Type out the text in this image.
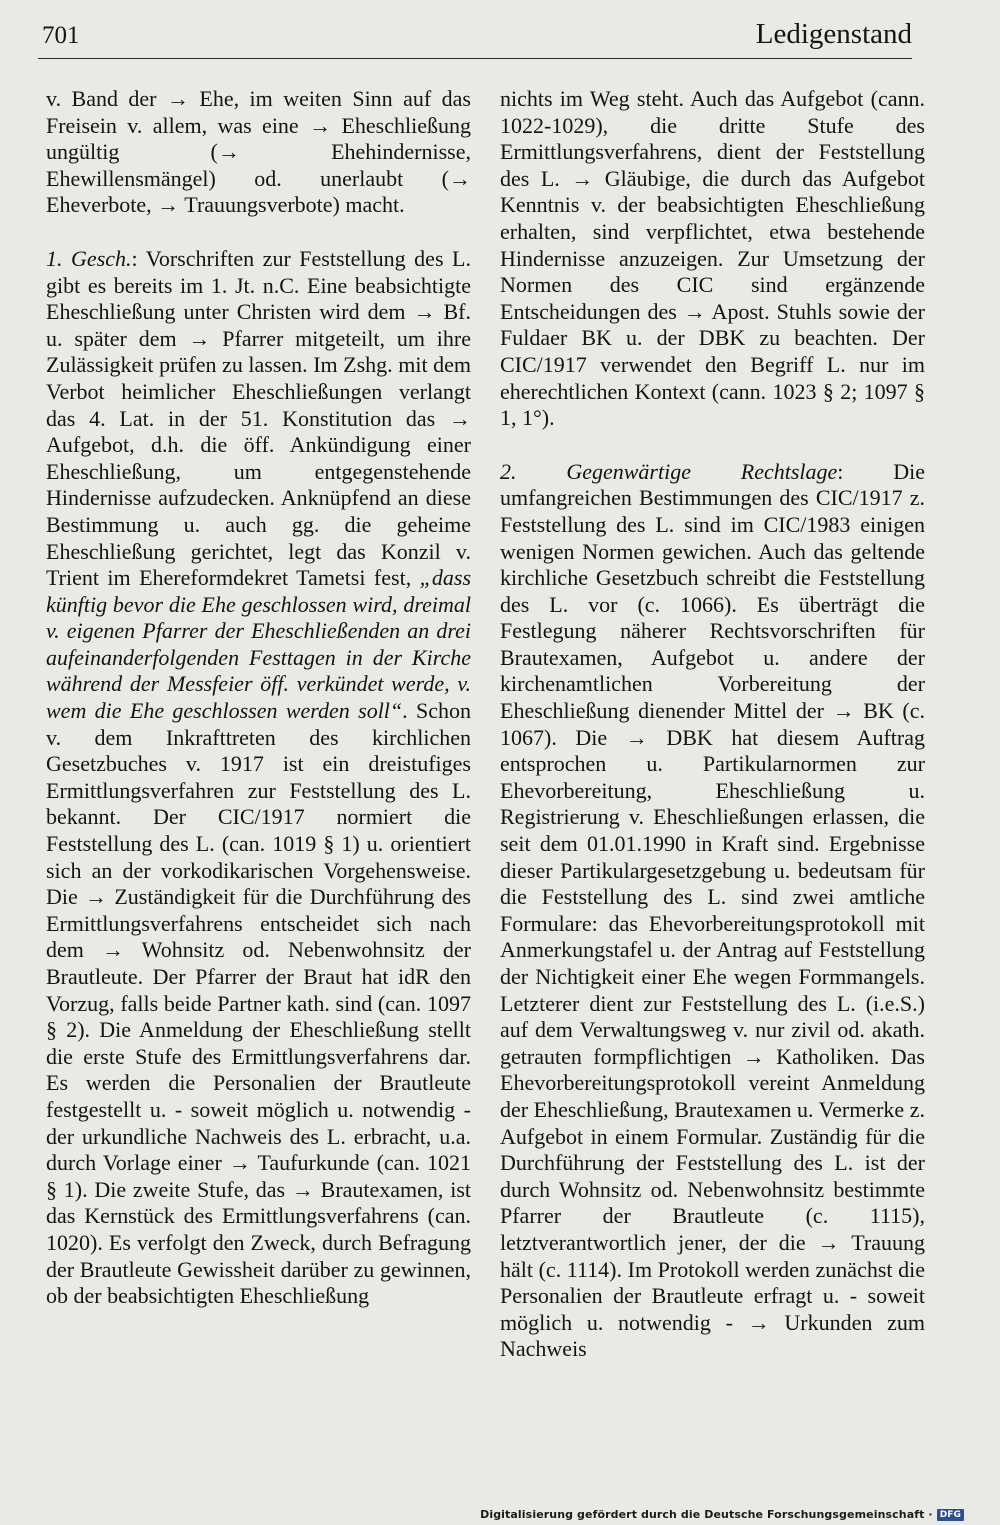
701	Ledigenstand

v. Band der → Ehe, im weiten Sinn auf das Freisein v. allem, was eine → Eheschließung ungültig (→ Ehehindernisse, Ehewillensmängel) od. unerlaubt (→ Eheverbote, → Trauungsverbote) macht.

1. Gesch.: Vorschriften zur Feststellung des L. gibt es bereits im 1. Jt. n.C. Eine beabsichtigte Eheschließung unter Christen wird dem → Bf. u. später dem → Pfarrer mitgeteilt, um ihre Zulässigkeit prüfen zu lassen. Im Zshg. mit dem Verbot heimlicher Eheschließungen verlangt das 4. Lat. in der 51. Konstitution das → Aufgebot, d.h. die öff. Ankündigung einer Eheschließung, um entgegenstehende Hindernisse aufzudecken. Anknüpfend an diese Bestimmung u. auch gg. die geheime Eheschließung gerichtet, legt das Konzil v. Trient im Ehereformdekret Tametsi fest, „dass künftig bevor die Ehe geschlossen wird, dreimal v. eigenen Pfarrer der Eheschließenden an drei aufeinanderfolgenden Festtagen in der Kirche während der Messfeier öff. verkündet werde, v. wem die Ehe geschlossen werden soll“. Schon v. dem Inkrafttreten des kirchlichen Gesetzbuches v. 1917 ist ein dreistufiges Ermittlungsverfahren zur Feststellung des L. bekannt. Der CIC/1917 normiert die Feststellung des L. (can. 1019 § 1) u. orientiert sich an der vorkodikarischen Vorgehensweise. Die → Zuständigkeit für die Durchführung des Ermittlungsverfahrens entscheidet sich nach dem → Wohnsitz od. Nebenwohnsitz der Brautleute. Der Pfarrer der Braut hat idR den Vorzug, falls beide Partner kath. sind (can. 1097 § 2). Die Anmeldung der Eheschließung stellt die erste Stufe des Ermittlungsverfahrens dar. Es werden die Personalien der Brautleute festgestellt u. - soweit möglich u. notwendig - der urkundliche Nachweis des L. erbracht, u.a. durch Vorlage einer → Taufurkunde (can. 1021 § 1). Die zweite Stufe, das → Brautexamen, ist das Kernstück des Ermittlungsverfahrens (can. 1020). Es verfolgt den Zweck, durch Befragung der Brautleute Gewissheit darüber zu gewinnen, ob der beabsichtigten Eheschließung

nichts im Weg steht. Auch das Aufgebot (cann. 1022-1029), die dritte Stufe des Ermittlungsverfahrens, dient der Feststellung des L. → Gläubige, die durch das Aufgebot Kenntnis v. der beabsichtigten Eheschließung erhalten, sind verpflichtet, etwa bestehende Hindernisse anzuzeigen. Zur Umsetzung der Normen des CIC sind ergänzende Entscheidungen des → Apost. Stuhls sowie der Fuldaer BK u. der DBK zu beachten. Der CIC/1917 verwendet den Begriff L. nur im eherechtlichen Kontext (cann. 1023 § 2; 1097 § 1, 1°).

2. Gegenwärtige Rechtslage: Die umfangreichen Bestimmungen des CIC/1917 z. Feststellung des L. sind im CIC/1983 einigen wenigen Normen gewichen. Auch das geltende kirchliche Gesetzbuch schreibt die Feststellung des L. vor (c. 1066). Es überträgt die Festlegung näherer Rechtsvorschriften für Brautexamen, Aufgebot u. andere der kirchenamtlichen Vorbereitung der Eheschließung dienender Mittel der → BK (c. 1067). Die → DBK hat diesem Auftrag entsprochen u. Partikularnormen zur Ehevorbereitung, Eheschließung u. Registrierung v. Eheschließungen erlassen, die seit dem 01.01.1990 in Kraft sind. Ergebnisse dieser Partikulargesetzgebung u. bedeutsam für die Feststellung des L. sind zwei amtliche Formulare: das Ehevorbereitungsprotokoll mit Anmerkungstafel u. der Antrag auf Feststellung der Nichtigkeit einer Ehe wegen Formmangels. Letzterer dient zur Feststellung des L. (i.e.S.) auf dem Verwaltungsweg v. nur zivil od. akath. getrauten formpflichtigen → Katholiken. Das Ehevorbereitungsprotokoll vereint Anmeldung der Eheschließung, Brautexamen u. Vermerke z. Aufgebot in einem Formular. Zuständig für die Durchführung der Feststellung des L. ist der durch Wohnsitz od. Nebenwohnsitz bestimmte Pfarrer der Brautleute (c. 1115), letztverantwortlich jener, der die → Trauung hält (c. 1114). Im Protokoll werden zunächst die Personalien der Brautleute erfragt u. - soweit möglich u. notwendig - → Urkunden zum Nachweis

Digitalisierung gefördert durch die Deutsche Forschungsgemeinschaft · DFG
